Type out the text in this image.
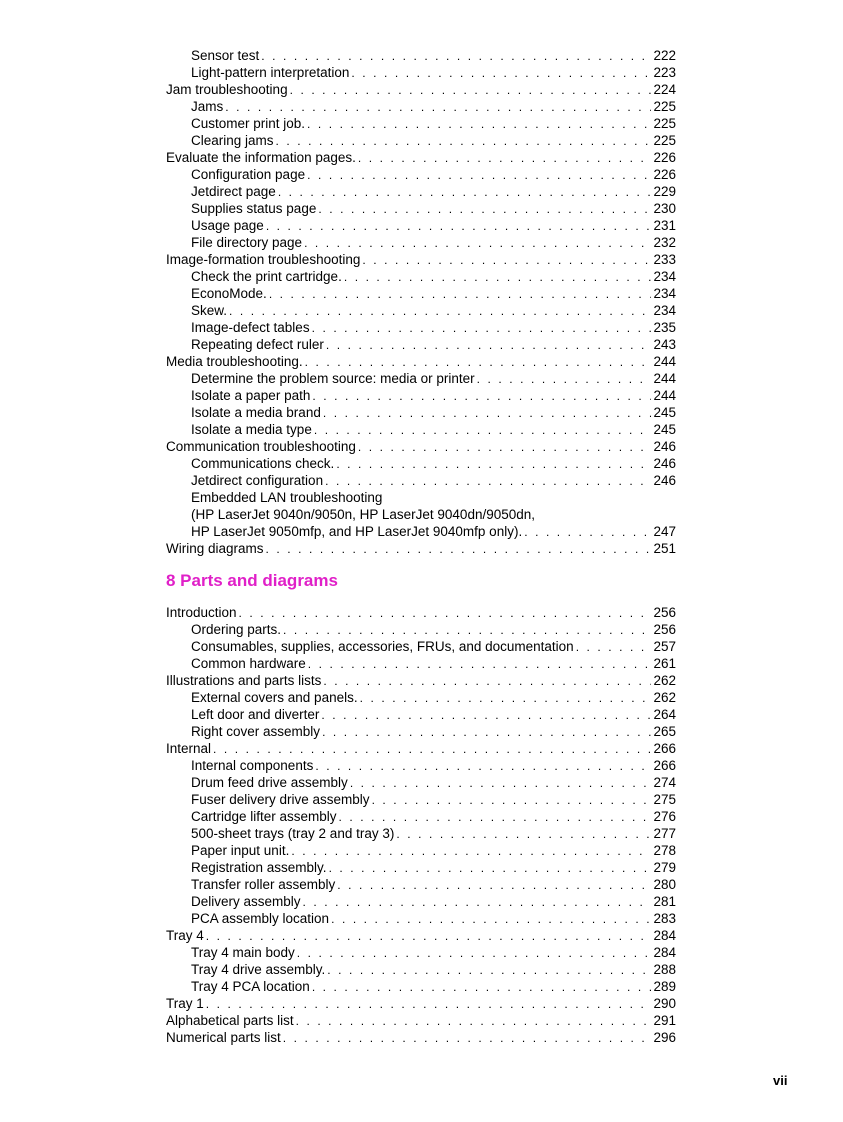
Sensor test . . .	222
Light-pattern interpretation . . .	223
Jam troubleshooting . . .	224
Jams . . .	225
Customer print job. . . .	225
Clearing jams . . .	225
Evaluate the information pages. . . .	226
Configuration page . . .	226
Jetdirect page . . .	229
Supplies status page . . .	230
Usage page . . .	231
File directory page . . .	232
Image-formation troubleshooting . . .	233
Check the print cartridge. . . .	234
EconoMode. . . .	234
Skew. . . .	234
Image-defect tables . . .	235
Repeating defect ruler . . .	243
Media troubleshooting. . . .	244
Determine the problem source: media or printer . . .	244
Isolate a paper path . . .	244
Isolate a media brand . . .	245
Isolate a media type . . .	245
Communication troubleshooting . . .	246
Communications check. . . .	246
Jetdirect configuration . . .	246
Embedded LAN troubleshooting
(HP LaserJet 9040n/9050n, HP LaserJet 9040dn/9050dn,
HP LaserJet 9050mfp, and HP LaserJet 9040mfp only). . . .	247
Wiring diagrams . . .	251
8 Parts and diagrams
Introduction . . .	256
Ordering parts. . . .	256
Consumables, supplies, accessories, FRUs, and documentation . . .	257
Common hardware . . .	261
Illustrations and parts lists . . .	262
External covers and panels. . . .	262
Left door and diverter . . .	264
Right cover assembly . . .	265
Internal . . .	266
Internal components . . .	266
Drum feed drive assembly . . .	274
Fuser delivery drive assembly . . .	275
Cartridge lifter assembly . . .	276
500-sheet trays (tray 2 and tray 3) . . .	277
Paper input unit. . . .	278
Registration assembly. . . .	279
Transfer roller assembly . . .	280
Delivery assembly . . .	281
PCA assembly location . . .	283
Tray 4 . . .	284
Tray 4 main body . . .	284
Tray 4 drive assembly. . . .	288
Tray 4 PCA location . . .	289
Tray 1 . . .	290
Alphabetical parts list . . .	291
Numerical parts list . . .	296
vii
